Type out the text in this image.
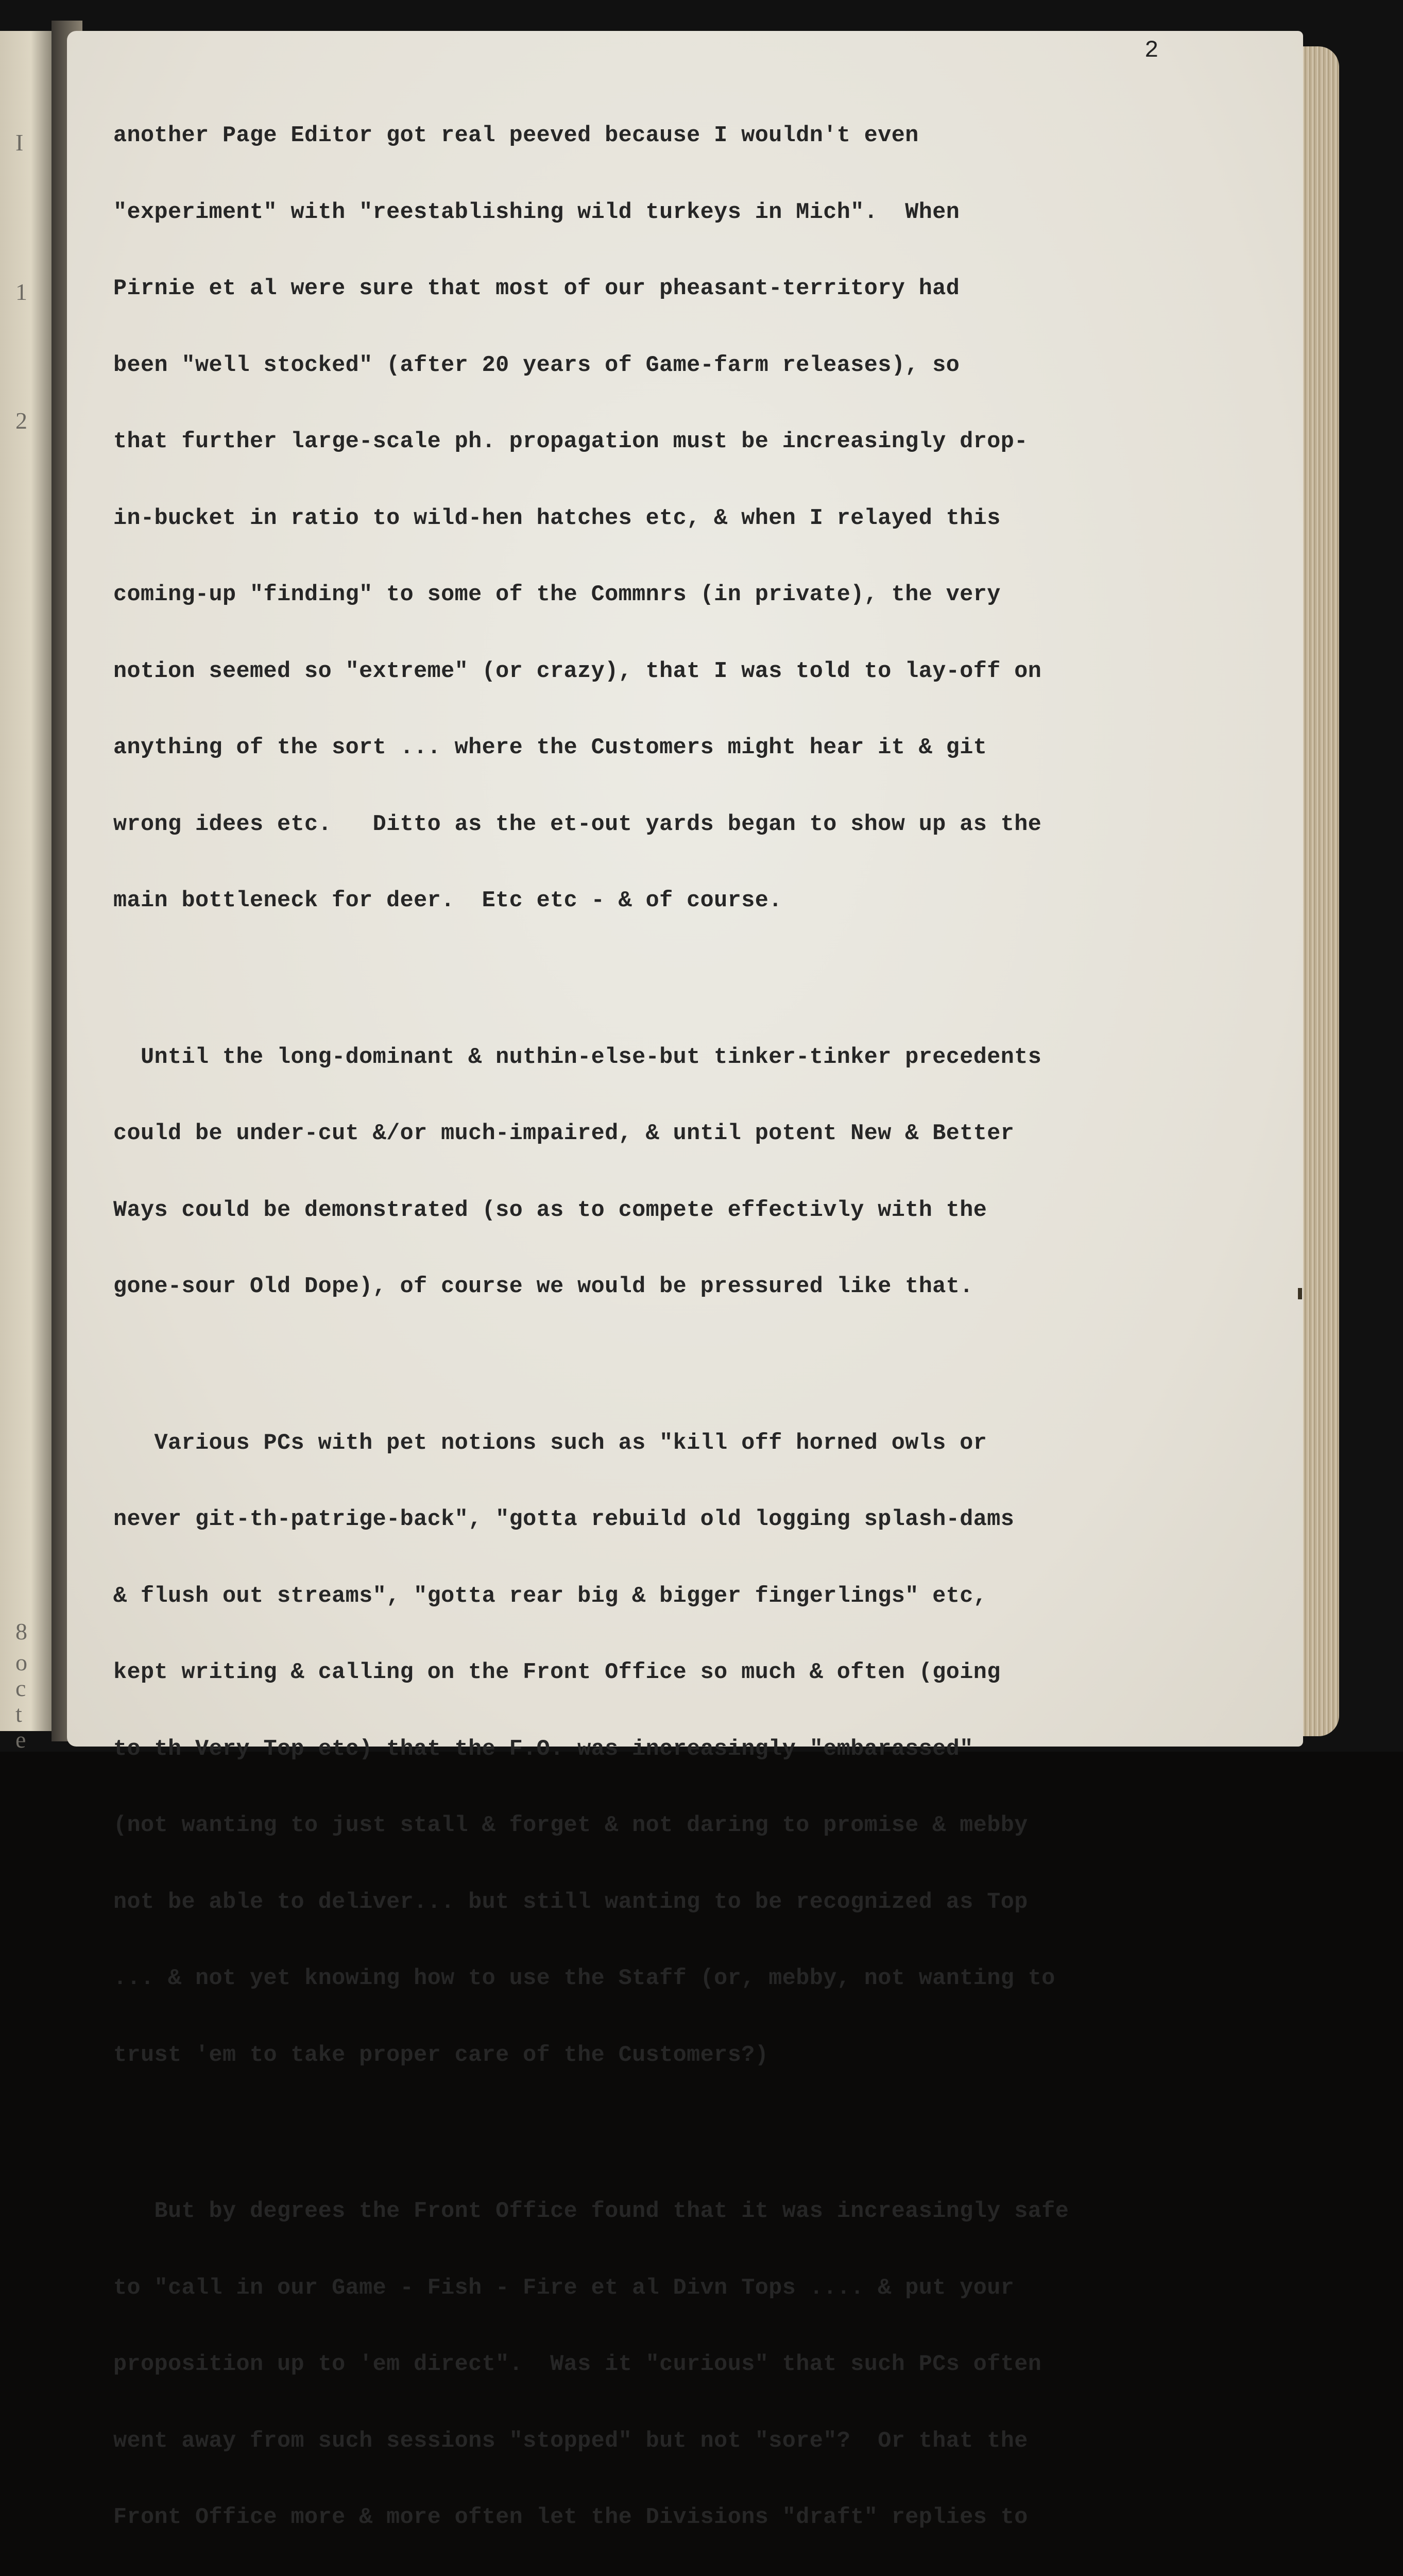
I
1
2
8
o
c
t
e
2

another Page Editor got real peeved because I wouldn't even

"experiment" with "reestablishing wild turkeys in Mich".  When

Pirnie et al were sure that most of our pheasant-territory had

been "well stocked" (after 20 years of Game-farm releases), so

that further large-scale ph. propagation must be increasingly drop-

in-bucket in ratio to wild-hen hatches etc, & when I relayed this

coming-up "finding" to some of the Commnrs (in private), the very

notion seemed so "extreme" (or crazy), that I was told to lay-off on

anything of the sort ... where the Customers might hear it & git

wrong idees etc.   Ditto as the et-out yards began to show up as the

main bottleneck for deer.  Etc etc - & of course.

Until the long-dominant & nuthin-else-but tinker-tinker precedents

could be under-cut &/or much-impaired, & until potent New & Better

Ways could be demonstrated (so as to compete effectivly with the

gone-sour Old Dope), of course we would be pressured like that.

Various PCs with pet notions such as "kill off horned owls or

never git-th-patrige-back", "gotta rebuild old logging splash-dams

& flush out streams", "gotta rear big & bigger fingerlings" etc,

kept writing & calling on the Front Office so much & often (going

to th Very Top etc) that the F.O. was increasingly "embarassed"

(not wanting to just stall & forget & not daring to promise & mebby

not be able to deliver... but still wanting to be recognized as Top

... & not yet knowing how to use the Staff (or, mebby, not wanting to

trust 'em to take proper care of the Customers?)

But by degrees the Front Office found that it was increasingly safe

to "call in our Game - Fish - Fire et al Divn Tops .... & put your

proposition up to 'em direct".  Was it "curious" that such PCs often

went away from such sessions "stopped" but not "sore"?  Or that the

Front Office more & more often let the Divisions "draft" replies to
